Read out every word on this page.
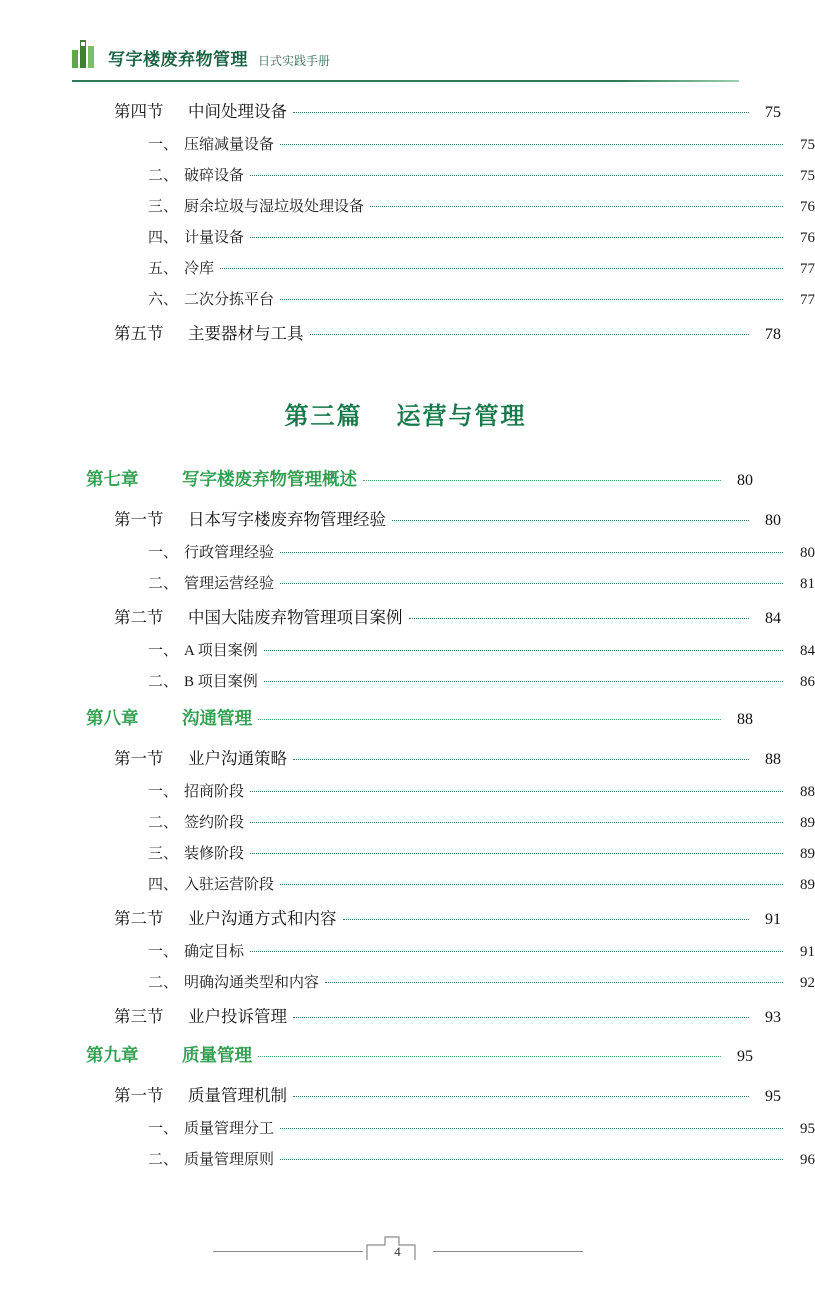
写字楼废弃物管理 日式实践手册
第四节 中间处理设备	75
一、 压缩减量设备	75
二、 破碎设备	75
三、 厨余垃圾与湿垃圾处理设备	76
四、 计量设备	76
五、 冷库	77
六、 二次分拣平台	77
第五节 主要器材与工具	78
第三篇 运营与管理
第七章 写字楼废弃物管理概述	80
第一节 日本写字楼废弃物管理经验	80
一、 行政管理经验	80
二、 管理运营经验	81
第二节 中国大陆废弃物管理项目案例	84
一、 A 项目案例	84
二、 B 项目案例	86
第八章 沟通管理	88
第一节 业户沟通策略	88
一、 招商阶段	88
二、 签约阶段	89
三、 装修阶段	89
四、 入驻运营阶段	89
第二节 业户沟通方式和内容	91
一、 确定目标	91
二、 明确沟通类型和内容	92
第三节 业户投诉管理	93
第九章 质量管理	95
第一节 质量管理机制	95
一、 质量管理分工	95
二、 质量管理原则	96
4
